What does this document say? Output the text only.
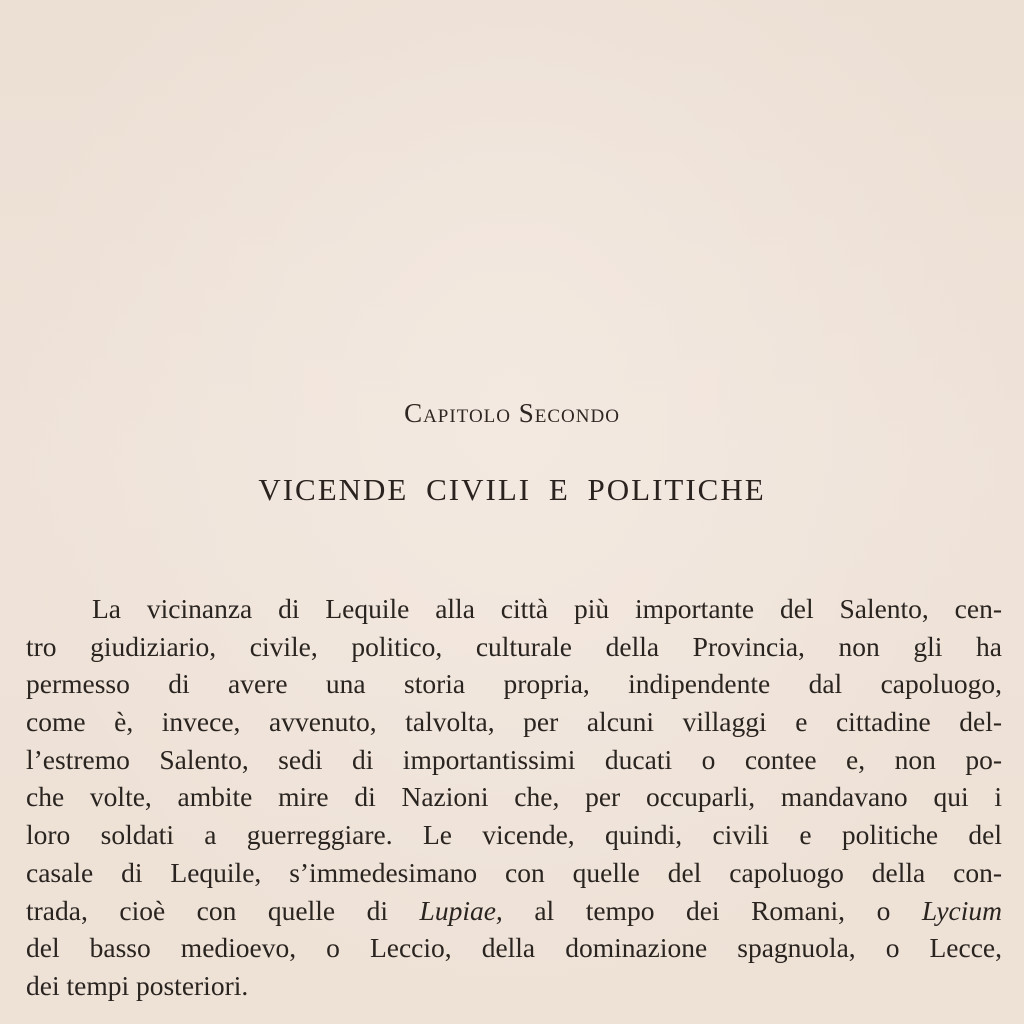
Capitolo Secondo
VICENDE CIVILI E POLITICHE
La vicinanza di Lequile alla città più importante del Salento, cen-
tro giudiziario, civile, politico, culturale della Provincia, non gli ha
permesso di avere una storia propria, indipendente dal capoluogo,
come è, invece, avvenuto, talvolta, per alcuni villaggi e cittadine del-
l’estremo Salento, sedi di importantissimi ducati o contee e, non po-
che volte, ambite mire di Nazioni che, per occuparli, mandavano qui i
loro soldati a guerreggiare. Le vicende, quindi, civili e politiche del
casale di Lequile, s’immedesimano con quelle del capoluogo della con-
trada, cioè con quelle di Lupiae, al tempo dei Romani, o Lycium
del basso medioevo, o Leccio, della dominazione spagnuola, o Lecce,
dei tempi posteriori.
